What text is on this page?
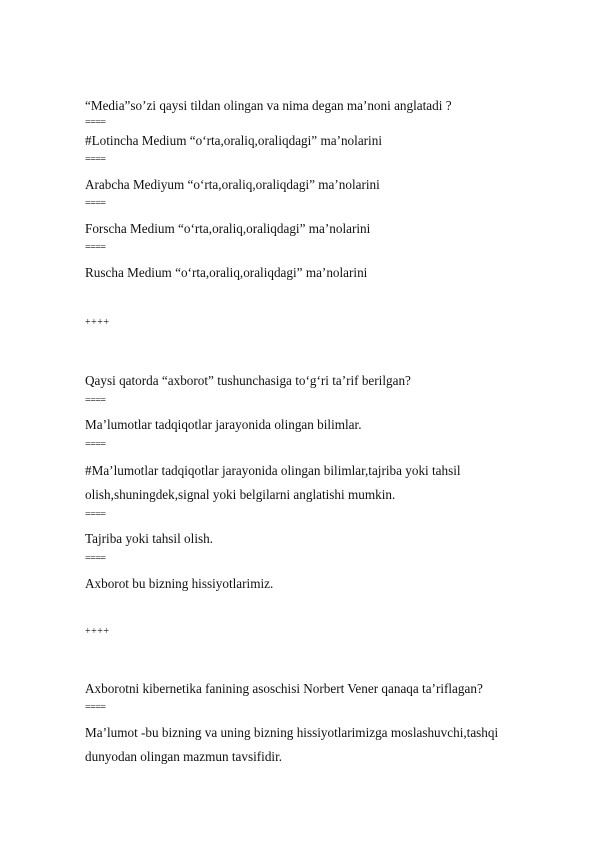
“Media”so’zi qaysi tildan olingan va nima degan ma’noni anglatadi ?
====
#Lotincha Medium “o‘rta,oraliq,oraliqdagi” ma’nolarini
====
Arabcha Mediyum “o‘rta,oraliq,oraliqdagi” ma’nolarini
====
Forscha Medium “o‘rta,oraliq,oraliqdagi” ma’nolarini
====
Ruscha Medium “o‘rta,oraliq,oraliqdagi” ma’nolarini
++++
Qaysi qatorda “axborot” tushunchasiga to‘g‘ri ta’rif berilgan?
====
Ma’lumotlar tadqiqotlar jarayonida olingan bilimlar.
====
#Ma’lumotlar tadqiqotlar jarayonida olingan bilimlar,tajriba yoki tahsil
olish,shuningdek,signal yoki belgilarni anglatishi mumkin.
====
Tajriba yoki tahsil olish.
====
Axborot bu bizning hissiyotlarimiz.
++++
Axborotni kibernetika fanining asoschisi Norbert Vener qanaqa ta’riflagan?
====
Ma’lumot -bu bizning va uning bizning hissiyotlarimizga moslashuvchi,tashqi
dunyodan olingan mazmun tavsifidir.
